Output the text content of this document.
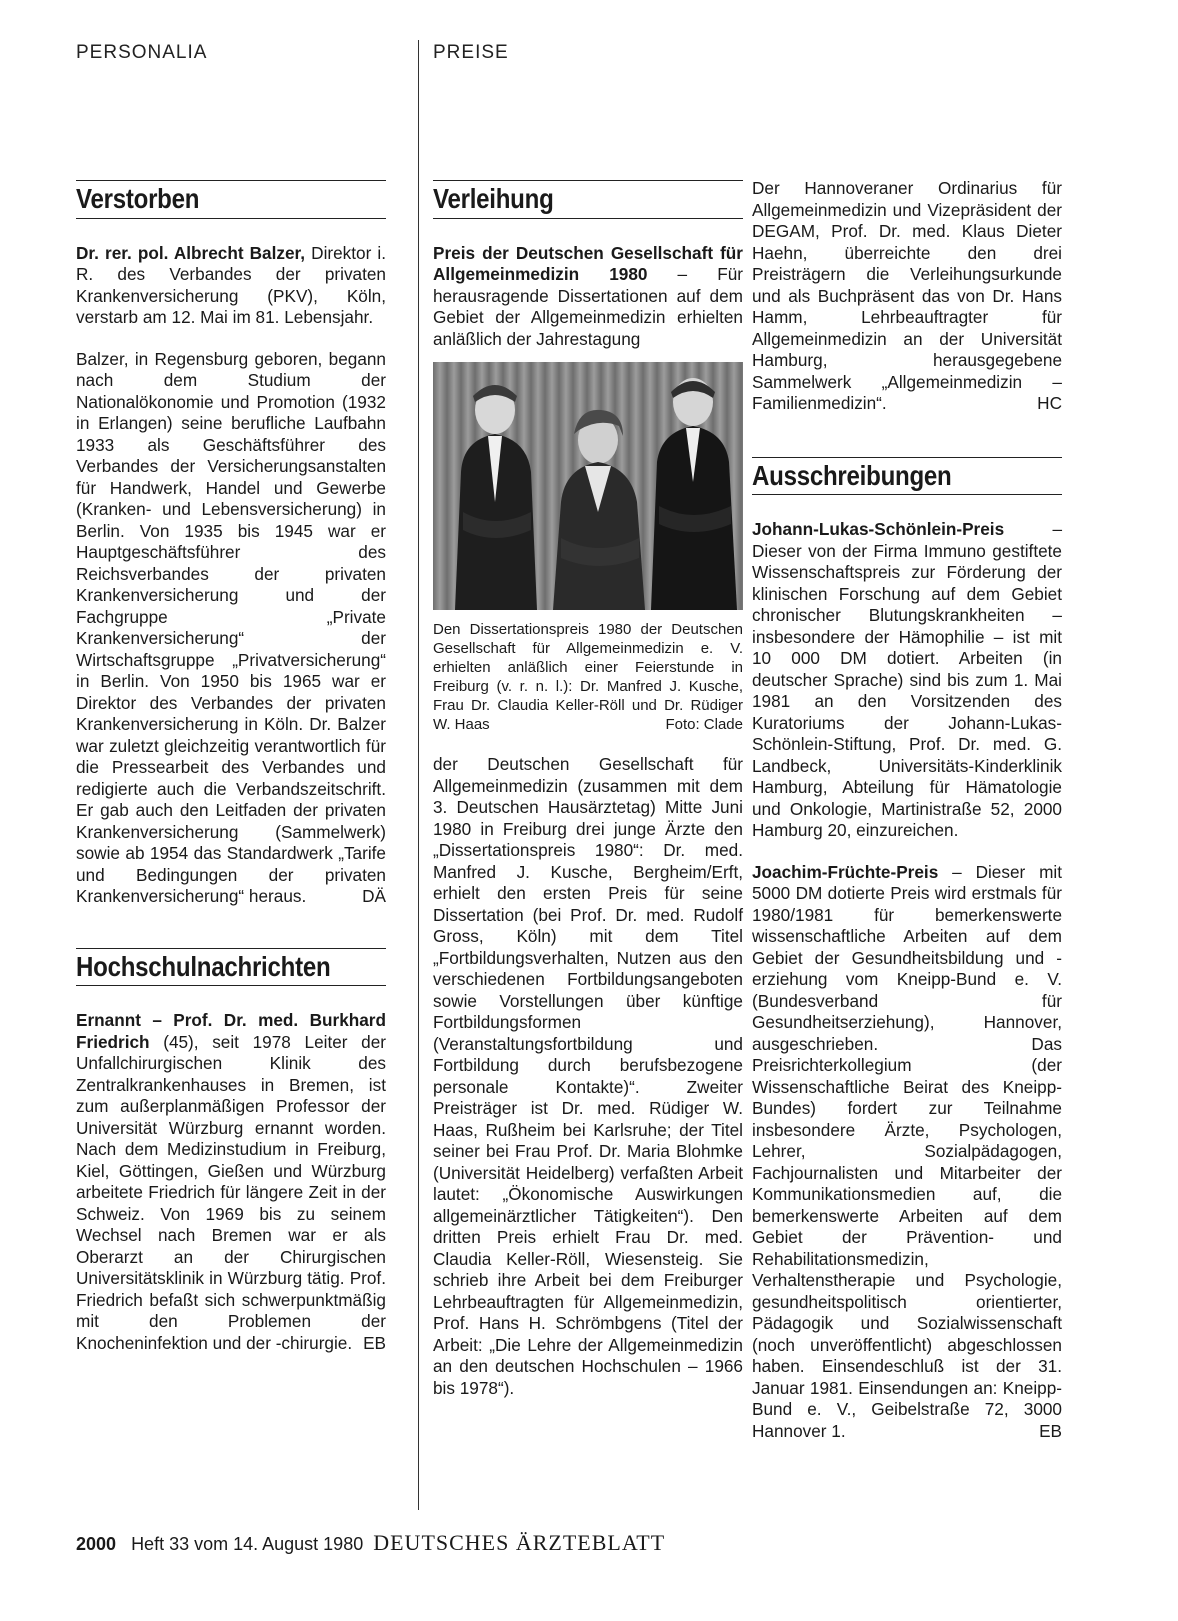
PERSONALIA	PREISE
Verstorben

Dr. rer. pol. Albrecht Balzer, Direktor i. R. des Verbandes der privaten Krankenversicherung (PKV), Köln, verstarb am 12. Mai im 81. Lebensjahr.

Balzer, in Regensburg geboren, begann nach dem Studium der Nationalökonomie und Promotion (1932 in Erlangen) seine berufliche Laufbahn 1933 als Geschäftsführer des Verbandes der Versicherungsanstalten für Handwerk, Handel und Gewerbe (Kranken- und Lebensversicherung) in Berlin. Von 1935 bis 1945 war er Hauptgeschäftsführer des Reichsverbandes der privaten Krankenversicherung und der Fachgruppe „Private Krankenversicherung“ der Wirtschaftsgruppe „Privatversicherung“ in Berlin. Von 1950 bis 1965 war er Direktor des Verbandes der privaten Krankenversicherung in Köln. Dr. Balzer war zuletzt gleichzeitig verantwortlich für die Pressearbeit des Verbandes und redigierte auch die Verbandszeitschrift. Er gab auch den Leitfaden der privaten Krankenversicherung (Sammelwerk) sowie ab 1954 das Standardwerk „Tarife und Bedingungen der privaten Krankenversicherung“ heraus.	DÄ

Hochschulnachrichten

Ernannt – Prof. Dr. med. Burkhard Friedrich (45), seit 1978 Leiter der Unfallchirurgischen Klinik des Zentralkrankenhauses in Bremen, ist zum außerplanmäßigen Professor der Universität Würzburg ernannt worden. Nach dem Medizinstudium in Freiburg, Kiel, Göttingen, Gießen und Würzburg arbeitete Friedrich für längere Zeit in der Schweiz. Von 1969 bis zu seinem Wechsel nach Bremen war er als Oberarzt an der Chirurgischen Universitätsklinik in Würzburg tätig. Prof. Friedrich befaßt sich schwerpunktmäßig mit den Problemen der Knocheninfektion und der -chirurgie. EB

Verleihung

Preis der Deutschen Gesellschaft für Allgemeinmedizin 1980 – Für herausragende Dissertationen auf dem Gebiet der Allgemeinmedizin erhielten anläßlich der Jahrestagung

Den Dissertationspreis 1980 der Deutschen Gesellschaft für Allgemeinmedizin e. V. erhielten anläßlich einer Feierstunde in Freiburg (v. r. n. l.): Dr. Manfred J. Kusche, Frau Dr. Claudia Keller-Röll und Dr. Rüdiger W. Haas	Foto: Clade

der Deutschen Gesellschaft für Allgemeinmedizin (zusammen mit dem 3. Deutschen Hausärztetag) Mitte Juni 1980 in Freiburg drei junge Ärzte den „Dissertationspreis 1980“: Dr. med. Manfred J. Kusche, Bergheim/Erft, erhielt den ersten Preis für seine Dissertation (bei Prof. Dr. med. Rudolf Gross, Köln) mit dem Titel „Fortbildungsverhalten, Nutzen aus den verschiedenen Fortbildungsangeboten sowie Vorstellungen über künftige Fortbildungsformen (Veranstaltungsfortbildung und Fortbildung durch berufsbezogene personale Kontakte)“. Zweiter Preisträger ist Dr. med. Rüdiger W. Haas, Rußheim bei Karlsruhe; der Titel seiner bei Frau Prof. Dr. Maria Blohmke (Universität Heidelberg) verfaßten Arbeit lautet: „Ökonomische Auswirkungen allgemeinärztlicher Tätigkeiten“). Den dritten Preis erhielt Frau Dr. med. Claudia Keller-Röll, Wiesensteig. Sie schrieb ihre Arbeit bei dem Freiburger Lehrbeauftragten für Allgemeinmedizin, Prof. Hans H. Schrömbgens (Titel der Arbeit: „Die Lehre der Allgemeinmedizin an den deutschen Hochschulen – 1966 bis 1978“).

Der Hannoveraner Ordinarius für Allgemeinmedizin und Vizepräsident der DEGAM, Prof. Dr. med. Klaus Dieter Haehn, überreichte den drei Preisträgern die Verleihungsurkunde und als Buchpräsent das von Dr. Hans Hamm, Lehrbeauftragter für Allgemeinmedizin an der Universität Hamburg, herausgegebene Sammelwerk „Allgemeinmedizin – Familienmedizin“.	HC

Ausschreibungen

Johann-Lukas-Schönlein-Preis	– Dieser von der Firma Immuno gestiftete Wissenschaftspreis zur Förderung der klinischen Forschung auf dem Gebiet chronischer Blutungskrankheiten – insbesondere der Hämophilie – ist mit 10 000 DM dotiert. Arbeiten (in deutscher Sprache) sind bis zum 1. Mai 1981 an den Vorsitzenden des Kuratoriums der Johann-Lukas-Schönlein-Stiftung, Prof. Dr. med. G. Landbeck, Universitäts-Kinderklinik Hamburg, Abteilung für Hämatologie und Onkologie, Martinistraße 52, 2000 Hamburg 20, einzureichen.

Joachim-Früchte-Preis – Dieser mit 5000 DM dotierte Preis wird erstmals für 1980/1981 für bemerkenswerte wissenschaftliche Arbeiten auf dem Gebiet der Gesundheitsbildung und -erziehung vom Kneipp-Bund e. V. (Bundesverband für Gesundheitserziehung), Hannover, ausgeschrieben. Das Preisrichterkollegium (der Wissenschaftliche Beirat des Kneipp-Bundes) fordert zur Teilnahme insbesondere Ärzte, Psychologen, Lehrer, Sozialpädagogen, Fachjournalisten und Mitarbeiter der Kommunikationsmedien auf, die bemerkenswerte Arbeiten auf dem Gebiet der Prävention- und Rehabilitationsmedizin, Verhaltenstherapie und Psychologie, gesundheitspolitisch orientierter, Pädagogik und Sozialwissenschaft (noch unveröffentlicht) abgeschlossen haben. Einsendeschluß ist der 31. Januar 1981. Einsendungen an: Kneipp-Bund e. V., Geibelstraße 72, 3000 Hannover 1.	EB

2000 Heft 33 vom 14. August 1980 DEUTSCHES ÄRZTEBLATT
